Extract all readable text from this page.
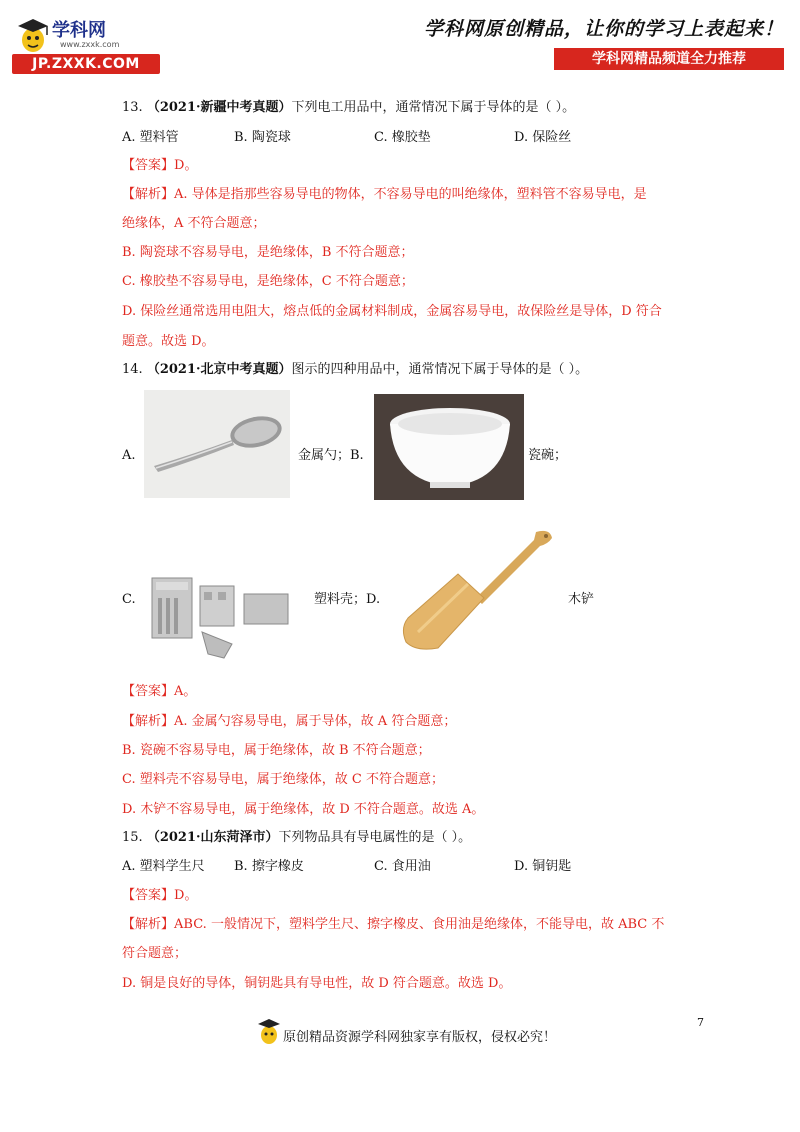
学科网
www.zxxk.com
JP.ZXXK.COM
学科网原创精品，让你的学习上表起来！
学科网精品频道全力推荐
13. （2021·新疆中考真题）下列电工用品中，通常情况下属于导体的是（ ）。
A. 塑料管	B. 陶瓷球	C. 橡胶垫	D. 保险丝
【答案】D。
【解析】A. 导体是指那些容易导电的物体，不容易导电的叫绝缘体，塑料管不容易导电，是
绝缘体，A 不符合题意；
B. 陶瓷球不容易导电，是绝缘体，B 不符合题意；
C. 橡胶垫不容易导电，是绝缘体，C 不符合题意；
D. 保险丝通常选用电阻大，熔点低的金属材料制成，金属容易导电，故保险丝是导体，D 符合
题意。故选 D。
14. （2021·北京中考真题）图示的四种用品中，通常情况下属于导体的是（ ）。
A.	金属勺；B.	瓷碗；
C.	塑料壳；D.	木铲
【答案】A。
【解析】A. 金属勺容易导电，属于导体，故 A 符合题意；
B. 瓷碗不容易导电，属于绝缘体，故 B 不符合题意；
C. 塑料壳不容易导电，属于绝缘体，故 C 不符合题意；
D. 木铲不容易导电，属于绝缘体，故 D 不符合题意。故选 A。
15. （2021·山东菏泽市）下列物品具有导电属性的是（ ）。
A. 塑料学生尺 B. 擦字橡皮	C. 食用油	D. 铜钥匙
【答案】D。
【解析】ABC. 一般情况下，塑料学生尺、擦字橡皮、食用油是绝缘体，不能导电，故 ABC 不
符合题意；
D. 铜是良好的导体，铜钥匙具有导电性，故 D 符合题意。故选 D。
原创精品资源学科网独家享有版权，侵权必究！
7
